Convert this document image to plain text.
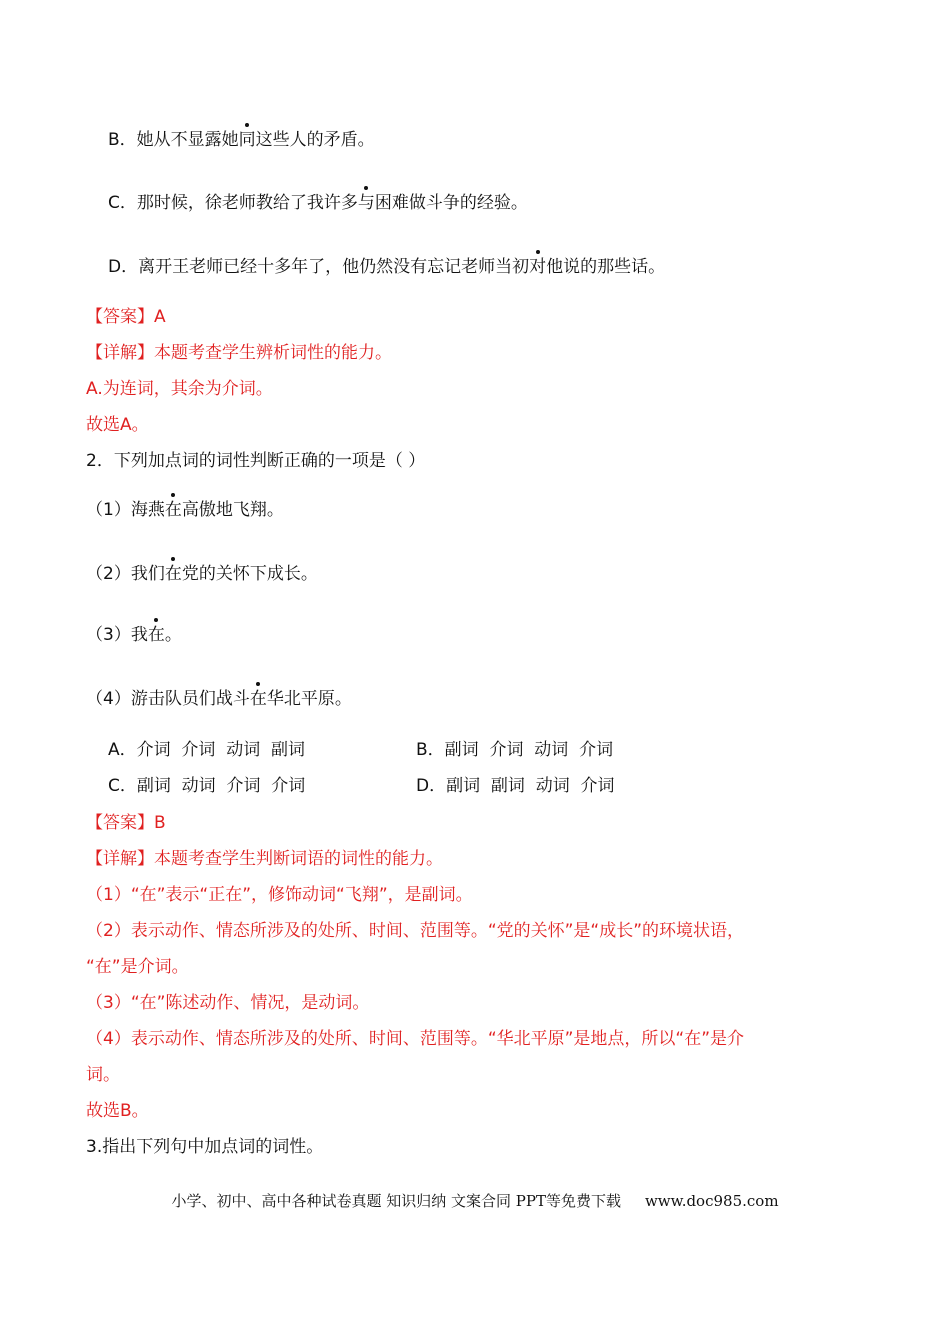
B．她从不显露她同这些人的矛盾。
C．那时候，徐老师教给了我许多与困难做斗争的经验。
D．离开王老师已经十多年了，他仍然没有忘记老师当初对他说的那些话。
【答案】A
【详解】本题考查学生辨析词性的能力。
A.为连词，其余为介词。
故选A。
2．下列加点词的词性判断正确的一项是（ ）
（1）海燕在高傲地飞翔。
（2）我们在党的关怀下成长。
（3）我在。
（4）游击队员们战斗在华北平原。
A．介词  介词  动词  副词	B．副词  介词  动词  介词
C．副词  动词  介词  介词	D．副词  副词  动词  介词
【答案】B
【详解】本题考查学生判断词语的词性的能力。
（1）“在”表示“正在”，修饰动词“飞翔”，是副词。
（2）表示动作、情态所涉及的处所、时间、范围等。“党的关怀”是“成长”的环境状语，
“在”是介词。
（3）“在”陈述动作、情况，是动词。
（4）表示动作、情态所涉及的处所、时间、范围等。“华北平原”是地点，所以“在”是介
词。
故选B。
3.指出下列句中加点词的词性。
小学、初中、高中各种试卷真题 知识归纳 文案合同 PPT等免费下载 www.doc985.com
